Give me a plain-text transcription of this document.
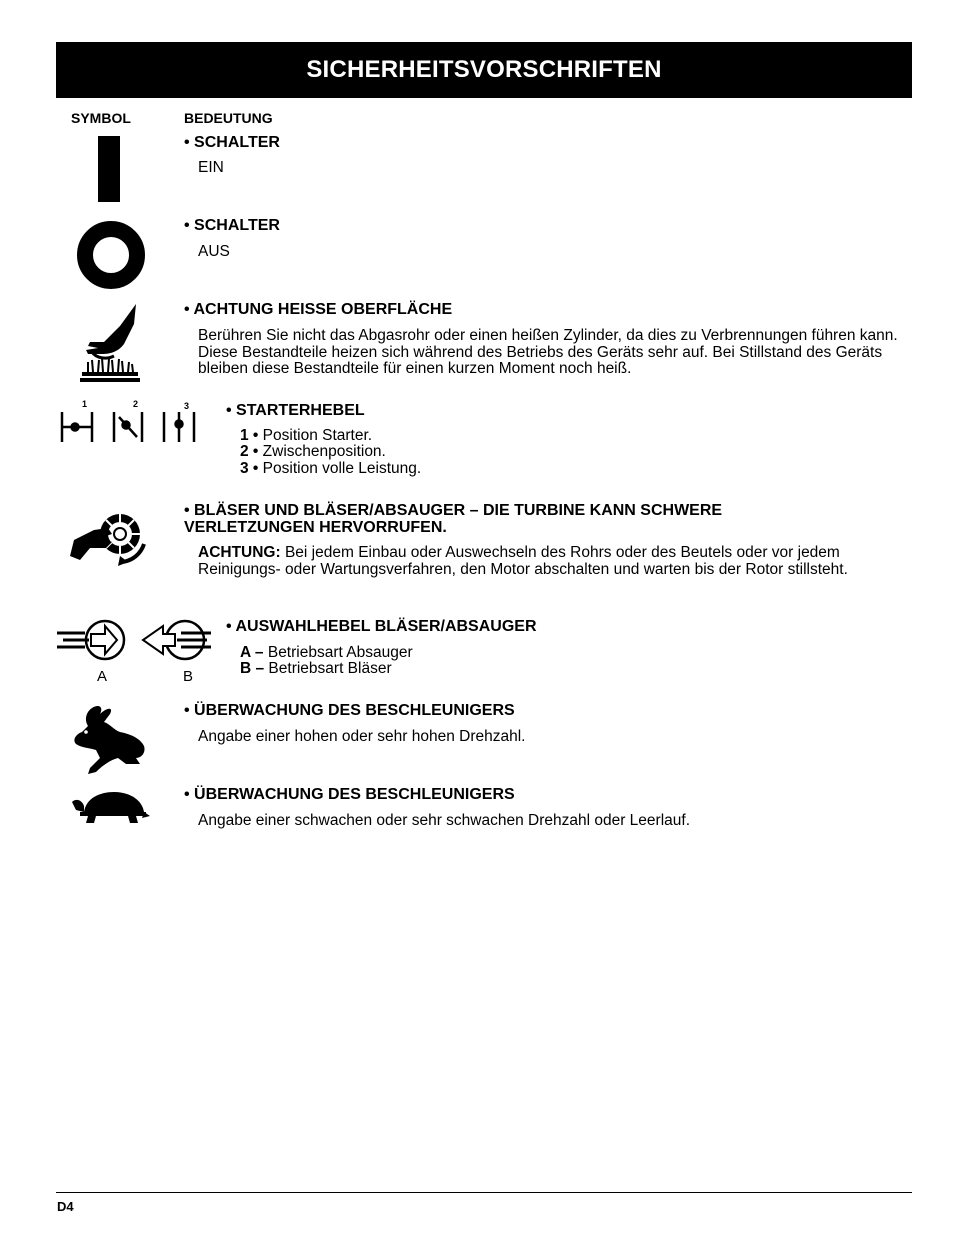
SICHERHEITSVORSCHRIFTEN
SYMBOL	BEDEUTUNG
• SCHALTER
EIN
• SCHALTER
AUS
• ACHTUNG HEISSE OBERFLÄCHE
Berühren Sie nicht das Abgasrohr oder einen heißen Zylinder, da dies zu Verbrennungen führen kann. Diese Bestandteile heizen sich während des Betriebs des Geräts sehr auf. Bei Stillstand des Geräts bleiben diese Bestandteile für einen kurzen Moment noch heiß.
1	2	3 • STARTERHEBEL
1 • Position Starter.
2 • Zwischenposition.
3 • Position volle Leistung.
• BLÄSER UND BLÄSER/ABSAUGER – DIE TURBINE KANN SCHWERE VERLETZUNGEN HERVORRUFEN.
ACHTUNG: Bei jedem Einbau oder Auswechseln des Rohrs oder des Beutels oder vor jedem Reinigungs- oder Wartungsverfahren, den Motor abschalten und warten bis der Rotor stillsteht.
A	B
• AUSWAHLHEBEL BLÄSER/ABSAUGER
A – Betriebsart Absauger
B – Betriebsart Bläser
• ÜBERWACHUNG DES BESCHLEUNIGERS
Angabe einer hohen oder sehr hohen Drehzahl.
• ÜBERWACHUNG DES BESCHLEUNIGERS
Angabe einer schwachen oder sehr schwachen Drehzahl oder Leerlauf.
D4
